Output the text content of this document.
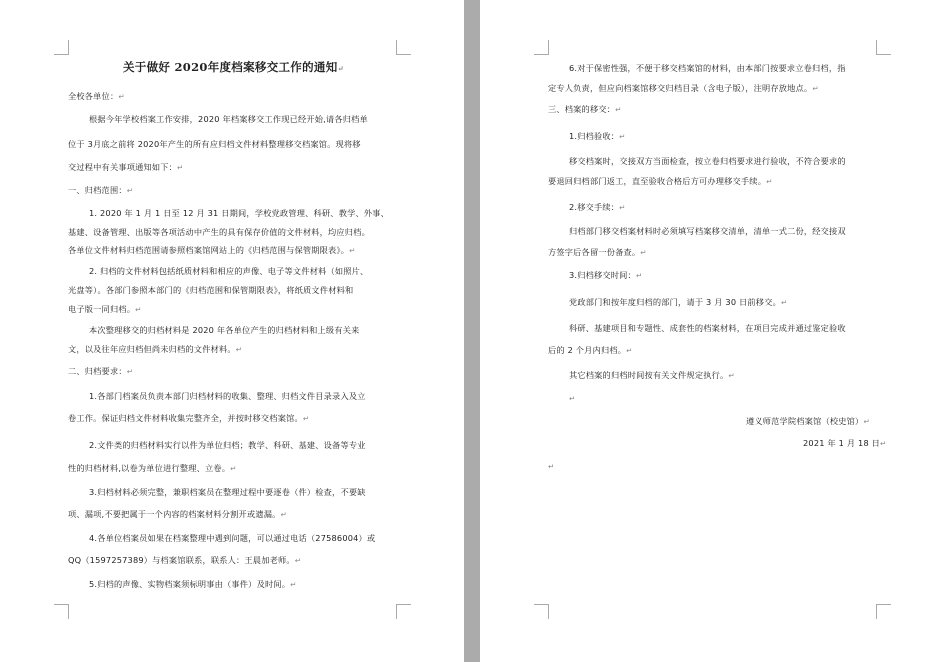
关于做好 2020年度档案移交工作的通知↵
全校各单位：↵
根据今年学校档案工作安排，2020 年档案移交工作现已经开始,请各归档单
位于 3月底之前将 2020年产生的所有应归档文件材料整理移交档案馆。现将移
交过程中有关事项通知如下：↵
一、归档范围：↵
1. 2020 年 1 月 1 日至 12 月 31 日期间，学校党政管理、科研、教学、外事、
基建、设备管理、出版等各项活动中产生的具有保存价值的文件材料，均应归档。
各单位文件材料归档范围请参照档案馆网站上的《归档范围与保管期限表》。↵
2. 归档的文件材料包括纸质材料和相应的声像、电子等文件材料（如照片、
光盘等）。各部门参照本部门的《归档范围和保管期限表》，将纸质文件材料和
电子版一同归档。↵
本次整理移交的归档材料是 2020 年各单位产生的归档材料和上级有关来
文，以及往年应归档但尚未归档的文件材料。↵
二、归档要求：↵
1.各部门档案员负责本部门归档材料的收集、整理、归档文件目录录入及立
卷工作。保证归档文件材料收集完整齐全，并按时移交档案馆。↵
2.文件类的归档材料实行以件为单位归档；教学、科研、基建、设备等专业
性的归档材料,以卷为单位进行整理、立卷。↵
3.归档材料必须完整，兼职档案员在整理过程中要逐卷（件）检查，不要缺
项、漏项,不要把属于一个内容的档案材料分割开或遗漏。↵
4.各单位档案员如果在档案整理中遇到问题，可以通过电话（27586004）或
QQ（1597257389）与档案馆联系，联系人：王晨加老师。↵
5.归档的声像、实物档案须标明事由（事件）及时间。↵
6.对于保密性强，不便于移交档案馆的材料，由本部门按要求立卷归档，指
定专人负责，但应向档案馆移交归档目录（含电子版），注明存放地点。↵
三、档案的移交：↵
1.归档验收：↵
移交档案时，交接双方当面检查，按立卷归档要求进行验收，不符合要求的
要退回归档部门返工，直至验收合格后方可办理移交手续。↵
2.移交手续：↵
归档部门移交档案材料时必须填写档案移交清单，清单一式二份，经交接双
方签字后各留一份备查。↵
3.归档移交时间：↵
党政部门和按年度归档的部门，请于 3 月 30 日前移交。↵
科研、基建项目和专题性、成套性的档案材料，在项目完成并通过鉴定验收
后的 2 个月内归档。↵
其它档案的归档时间按有关文件规定执行。↵
↵
遵义师范学院档案馆（校史馆）↵
2021 年 1 月 18 日↵
↵
